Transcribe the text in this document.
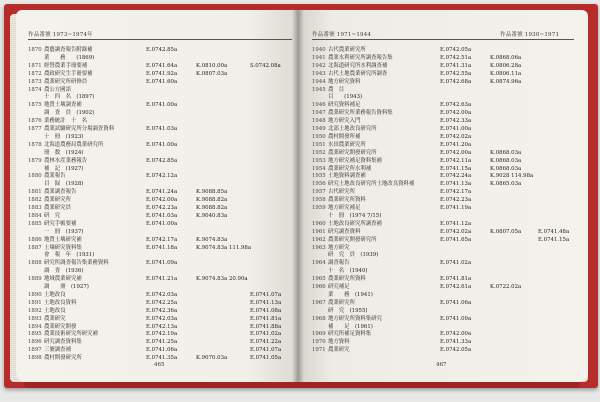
作品番號 1973~1974年
465
1870 農藝調査報告附錄補	E.0742.85a
業　　務　　(1869)
1871 經營農業手冊要補	E.0741.64a	K.0810.00a	S.0742.08a
1872 農政研究生手冊要補	E.0741.92a	K.0807.03a
1873 農業研究所研修員	E.0741.60a
1874 農公方國語
十　四　名　(1897)
1875 地質土壤調査補	E.0741.00a
調　査　員　(1902)
1876 業務統計　十　名
1877 農業試驗研究所分場調査資料	E.0741.03a
十　冊　(1923)
1878 北海道農務局農業研究所	E.0741.00a
冊　数　(1924)
1879 農林水産業務報告	E.0742.85a
補　記　(1927)
1880 農業報告	E.0742.12a
目　録　(1928)
1881 農業調査報告	E.0741.24a	K.9088.85a
1882 農業研究所	E.0742.00a	K.9088.82a
1883 農業研究員	E.0742.23a	K.9088.82a
1884 研　究	E.0741.03a	K.9040.83a
1885 研究手帳要補	E.0741.00a
一　冊　(1937)
1886 地質土壤研究補	E.0742.17a	K.9074.83a
1887 土壤研究資料集	E.0741.18a	K.9074.83a 111.98a
會　報　年　(1931)
1888 研究所調査報告集業務資料	E.0741.09a
調　査　(1936)
1889 地域農業研究補	E.0741.21a	K.9074.83a 20.90a
調　　冊　(1927)
1890 土地改良	E.0742.03a	E.0741.07a
1891 土地改良資料	E.0742.25a	E.0741.13a
1892 土地改良	E.0742.36a	E.0741.08a
1893 農業研究	E.0742.03a	E.0741.81a
1894 農業研究開發	E.0742.13a	E.0741.88a
1895 農業技術研究所研究補	E.0742.19a	E.0741.02a
1896 研究調査資料集	E.0741.25a	E.0741.22a
1897 三號調査補	E.0741.06a	E.0741.07a
1898 農村開發研究所	E.0741.35a	K.9070.03a	E.0741.05a
作品番號 1971~1944	作品番號 1930~1971
467
1940 古代農業研究所	E.0742.05a
1941 農業水利研究所調査報告集	E.0742.51a	K.0868.06a
1942 北海道研究所水利調査補	E.0741.31a	K.0806.28a
1943 古代土地農業研究所調査	E.0742.55a	K.0806.11a
1944 地方研究資料	E.0742.68a	K.0874.96a
1945 農　目
目　　(1943)
1946 研究資料補足	E.0742.63a
1947 農業研究所業務報告資料集	E.0742.00a
1948 地方研究入門	E.0742.33a
1949 北部土地改良研究所	E.0741.00a
1950 農村開發所補	E.0742.02a
1951 水田農業研究所	E.0741.20a
1952 農業研究開發研究所	E.0742.00a	K.0868.03a
1953 地方研究補足資料集補	E.0742.11a	K.0868.03a
1954 農業研究所水利補	E.0741.15a	K.0868.03a
1955 土地資料調査補	E.0742.24a	K.9028 114.98a
1956 研究土地改良研究所土地改良資料補	E.0741.13a	K.0865.03a
1957 古代研究所	E.0742.17a
1958 農業研究所資料	E.0742.23a
1959 地方研究補足	E.0741.19a
十　冊　(1974 7/15)
1960 土地改良研究所調査補	E.0741.12a
1961 研究調査資料	E.0742.02a	K.0807.05a	E.0741.48a
1962 農業研究開發研究所	E.0741.65a	E.0741.15a
1963 地方研究
研　究　員　(1939)
1964 調査報告	E.0741.02a
十　名　(1940)
1965 農業研究所資料	E.0741.81a
1966 研究補足	E.0742.61a	K.0722.02a
業　　務　(1941)
1967 農業研究所	E.0741.06a
研　究　(1955)
1968 地方研究所資料集研究	E.0741.09a
補　　足　(1961)
1969 研究所補足資料集	E.0742.00a
1970 地方資料	E.0741.33a
1971 農業研究	E.0742.05a
